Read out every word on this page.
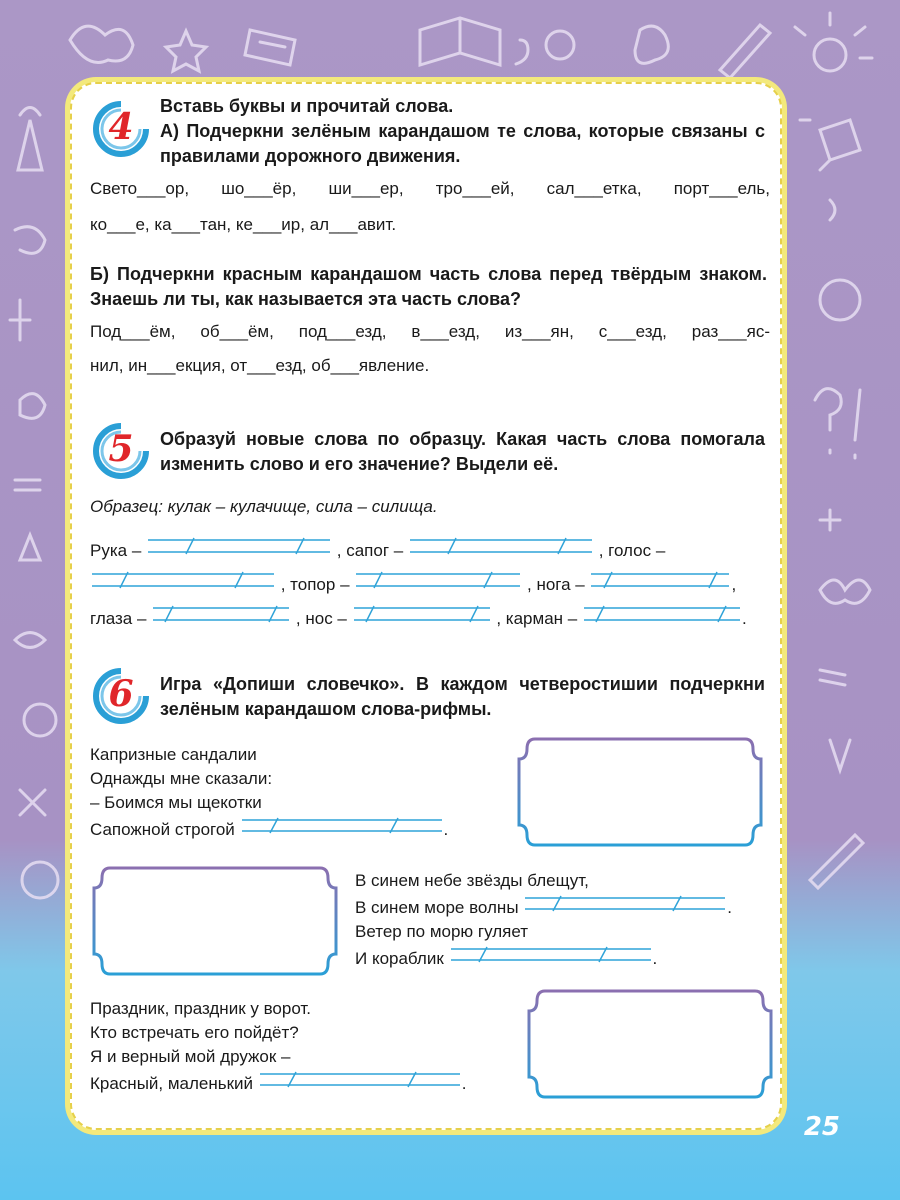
4	Вставь буквы и прочитай слова.
А) Подчеркни зелёным карандашом те слова, которые связаны с правилами дорожного движения.
Свето___ор, шо___ёр, ши___ер, тро___ей, сал___етка, порт___ель,
ко___е, ка___тан, ке___ир, ал___авит.
Б) Подчеркни красным карандашом часть слова перед твёрдым знаком. Знаешь ли ты, как называется эта часть слова?
Под___ём, об___ём, под___езд, в___езд, из___ян, с___езд, раз___яс-
нил, ин___екция, от___езд, об___явление.
5	Образуй новые слова по образцу. Какая часть слова помогала изменить слово и его значение? Выдели её.
Образец: кулак – кулачище, сила – силища.
Рука –	, сапог –	, голос –
, топор –	, нога –	,
глаза –	, нос –	, карман –	.
6	Игра «Допиши словечко». В каждом четверостишии подчеркни зелёным карандашом слова-рифмы.
Капризные сандалии
Однажды мне сказали:
– Боимся мы щекотки
Сапожной строгой	.
В синем небе звёзды блещут,
В синем море волны	.
Ветер по морю гуляет
И кораблик	.
Праздник, праздник у ворот.
Кто встречать его пойдёт?
Я и верный мой дружок –
Красный, маленький	.
25
